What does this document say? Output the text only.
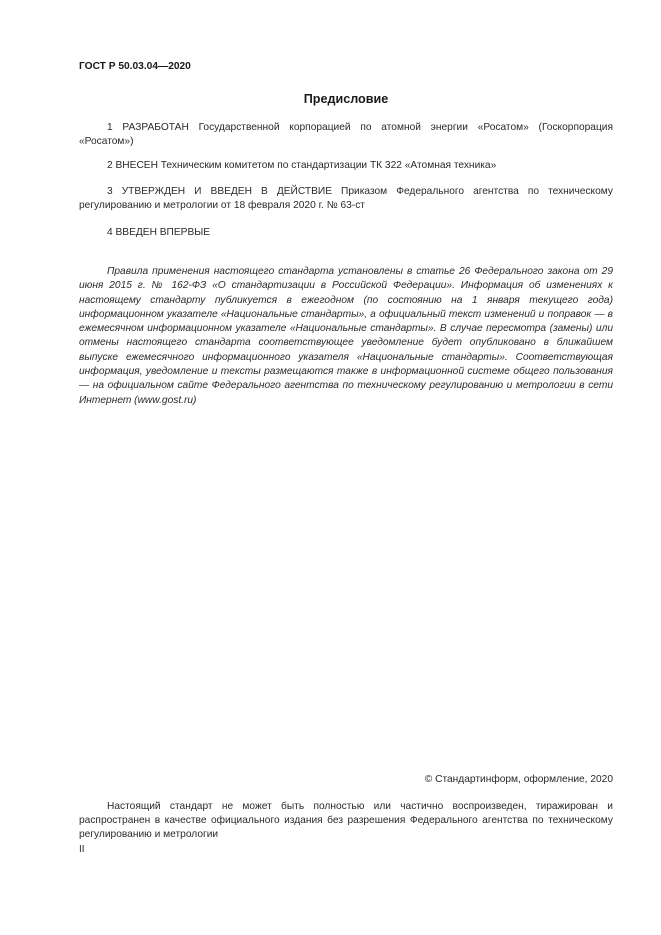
ГОСТ Р 50.03.04—2020
Предисловие

1 РАЗРАБОТАН Государственной корпорацией по атомной энергии «Росатом» (Госкорпорация «Росатом»)

2 ВНЕСЕН Техническим комитетом по стандартизации ТК 322 «Атомная техника»

3 УТВЕРЖДЕН И ВВЕДЕН В ДЕЙСТВИЕ Приказом Федерального агентства по техническому регулированию и метрологии от 18 февраля 2020 г. № 63-ст

4 ВВЕДЕН ВПЕРВЫЕ

Правила применения настоящего стандарта установлены в статье 26 Федерального закона от 29 июня 2015 г. № 162-ФЗ «О стандартизации в Российской Федерации». Информация об изменениях к настоящему стандарту публикуется в ежегодном (по состоянию на 1 января текущего года) информационном указателе «Национальные стандарты», а официальный текст изменений и поправок — в ежемесячном информационном указателе «Национальные стандарты». В случае пересмотра (замены) или отмены настоящего стандарта соответствующее уведомление будет опубликовано в ближайшем выпуске ежемесячного информационного указателя «Национальные стандарты». Соответствующая информация, уведомление и тексты размещаются также в информационной системе общего пользования — на официальном сайте Федерального агентства по техническому регулированию и метрологии в сети Интернет (www.gost.ru)

© Стандартинформ, оформление, 2020

Настоящий стандарт не может быть полностью или частично воспроизведен, тиражирован и распространен в качестве официального издания без разрешения Федерального агентства по техническому регулированию и метрологии

II
